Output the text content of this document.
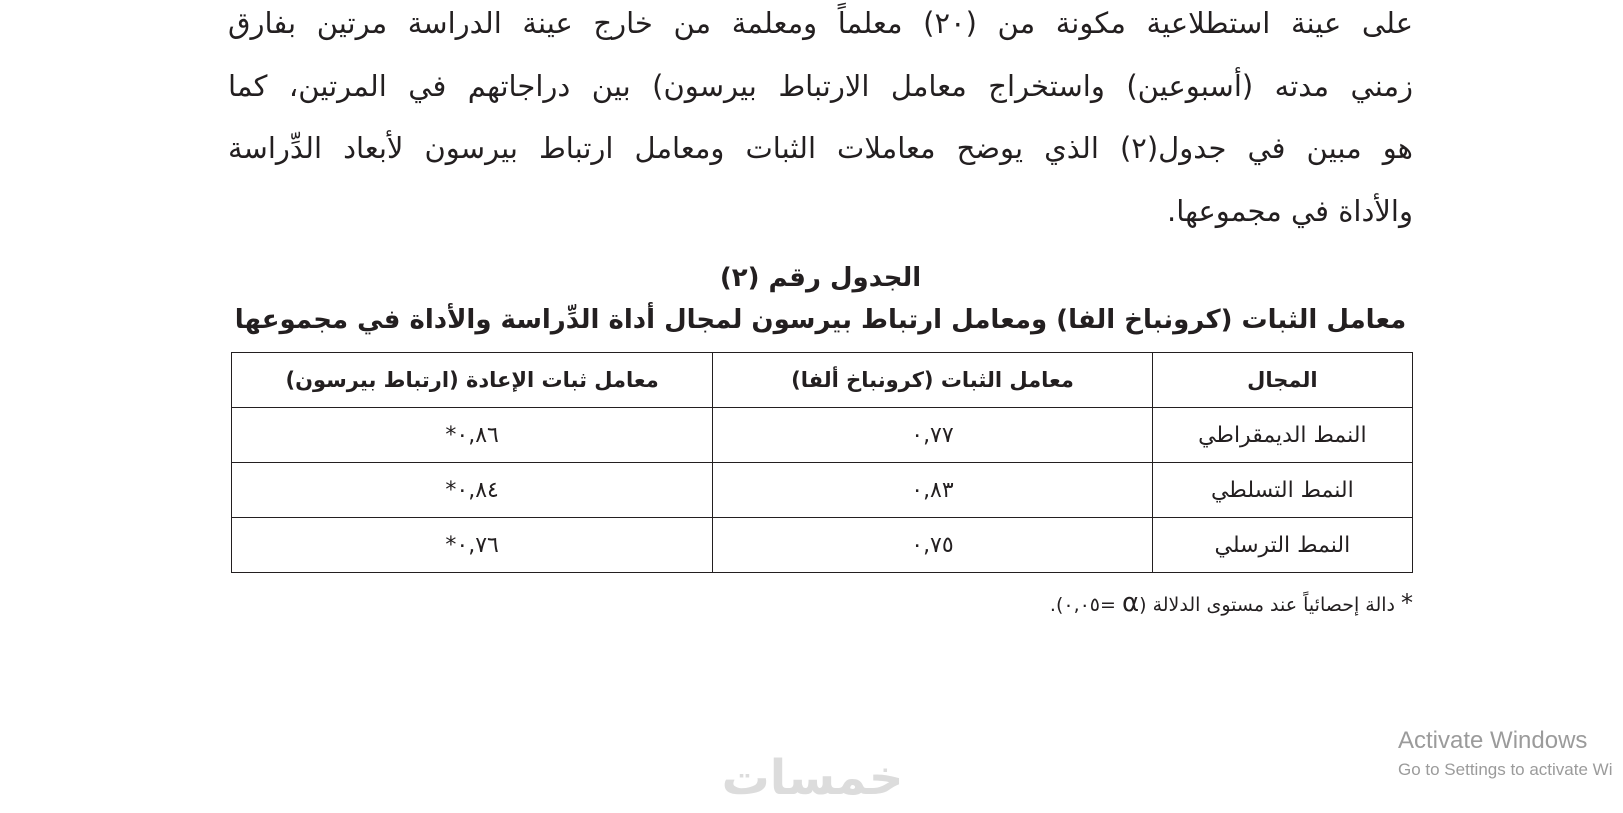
على عينة استطلاعية مكونة من (٢٠) معلماً ومعلمة من خارج عينة الدراسة مرتين بفارق
زمني مدته (أسبوعين) واستخراج معامل الارتباط بيرسون) بين دراجاتهم في المرتين، كما
هو مبين في جدول(٢) الذي يوضح معاملات الثبات ومعامل ارتباط بيرسون لأبعاد الدِّراسة
والأداة في مجموعها.
الجدول رقم (٢)
معامل الثبات (كرونباخ الفا) ومعامل ارتباط بيرسون لمجال أداة الدِّراسة والأداة في مجموعها
المجال	معامل الثبات (كرونباخ ألفا)	معامل ثبات الإعادة (ارتباط بيرسون)
النمط الديمقراطي	٠,٧٧	٠,٨٦*
النمط التسلطي	٠,٨٣	٠,٨٤*
النمط الترسلي	٠,٧٥	٠,٧٦*
*دالة إحصائياً عند مستوى الدلالة (α =٠,٠٥).
خمسات
Activate Windows
Go to Settings to activate Wi
